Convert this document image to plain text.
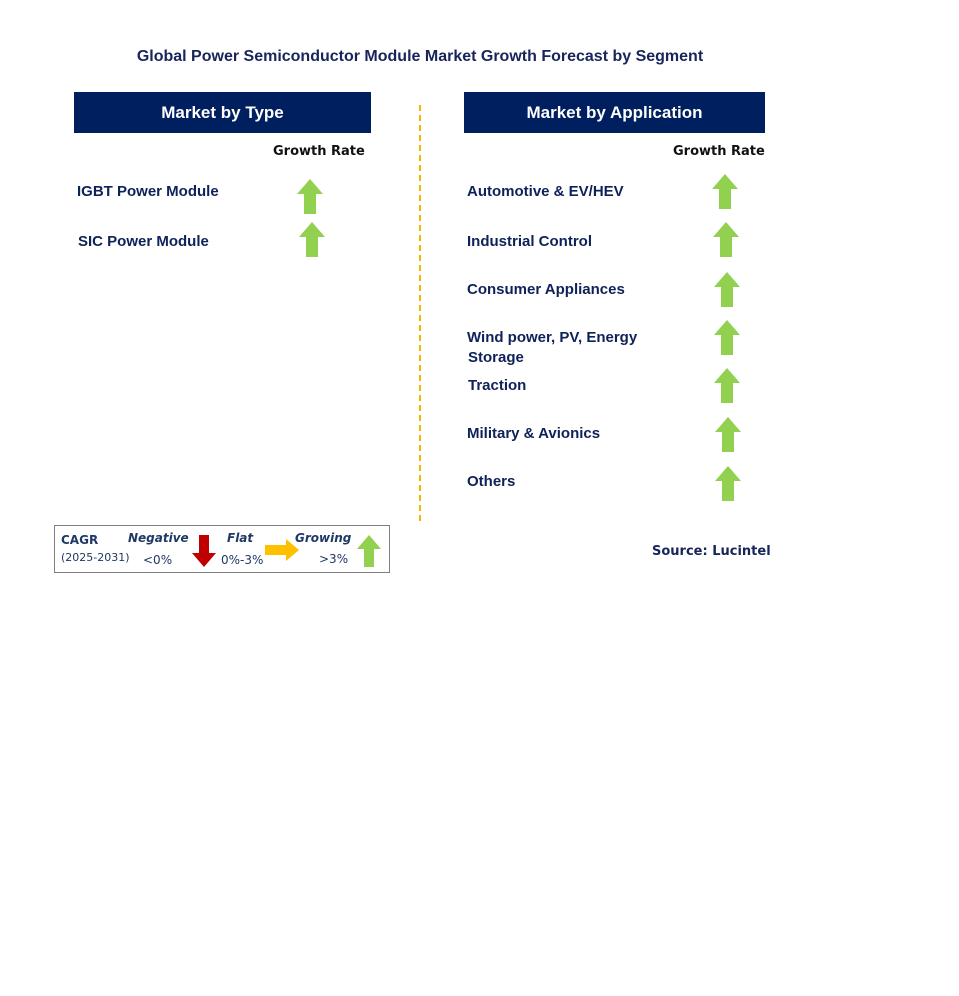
Global Power Semiconductor Module Market Growth Forecast by Segment
Market by Type
Growth Rate
IGBT Power Module
SIC Power Module
Market by Application
Growth Rate
Automotive & EV/HEV
Industrial Control
Consumer Appliances
Wind power, PV, Energy
Storage
Traction
Military & Avionics
Others
CAGR
(2025-2031)
Negative
<0%
Flat
0%-3%
Growing
>3%	Source: Lucintel
